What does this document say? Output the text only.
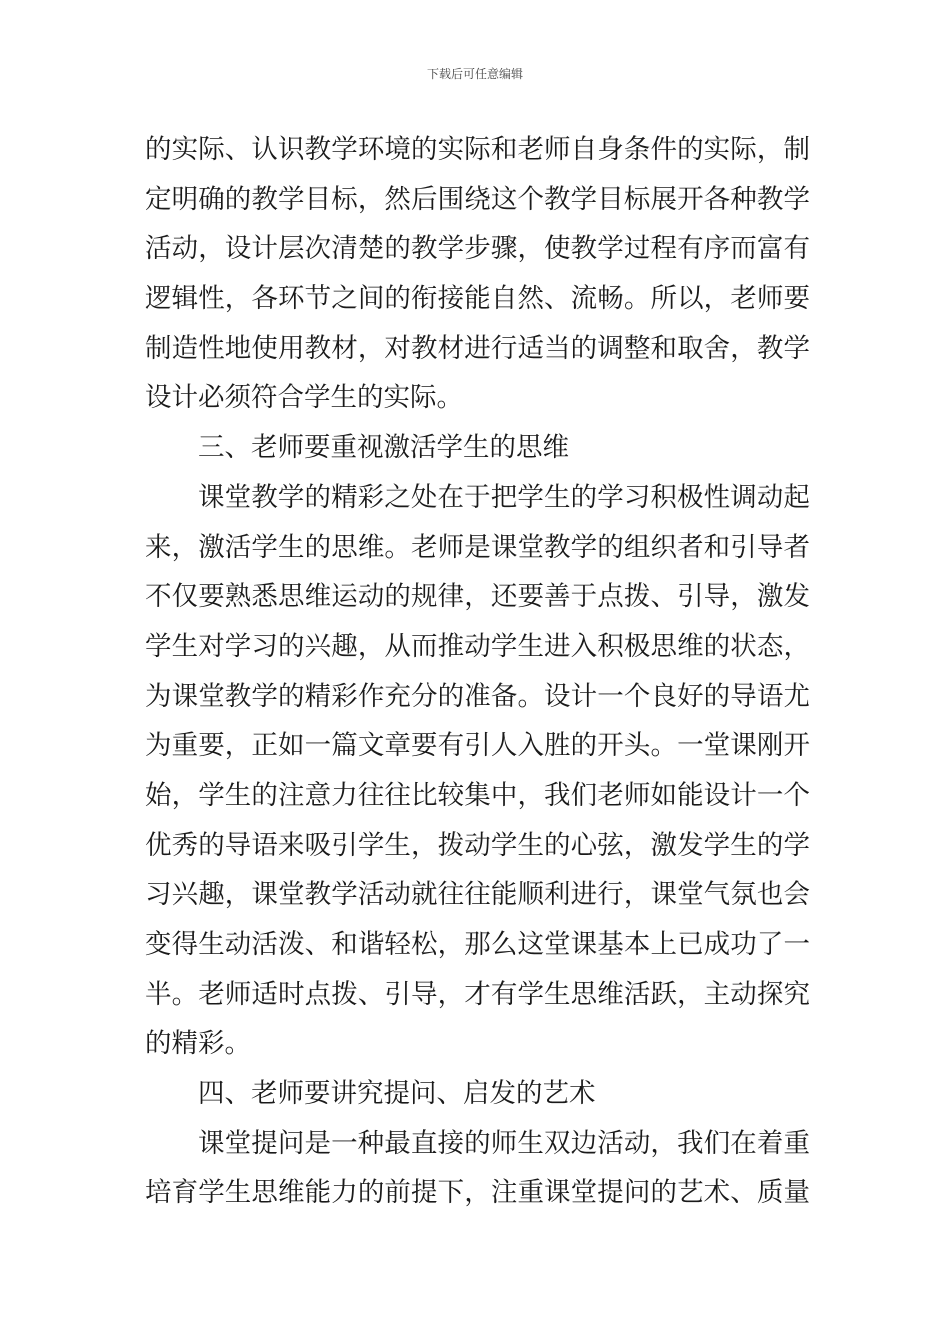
下载后可任意编辑
的实际、认识教学环境的实际和老师自身条件的实际，制
定明确的教学目标，然后围绕这个教学目标展开各种教学
活动，设计层次清楚的教学步骤，使教学过程有序而富有
逻辑性，各环节之间的衔接能自然、流畅。所以，老师要
制造性地使用教材，对教材进行适当的调整和取舍，教学
设计必须符合学生的实际。
三、老师要重视激活学生的思维
课堂教学的精彩之处在于把学生的学习积极性调动起
来，激活学生的思维。老师是课堂教学的组织者和引导者
不仅要熟悉思维运动的规律，还要善于点拨、引导，激发
学生对学习的兴趣，从而推动学生进入积极思维的状态，
为课堂教学的精彩作充分的准备。设计一个良好的导语尤
为重要，正如一篇文章要有引人入胜的开头。一堂课刚开
始，学生的注意力往往比较集中，我们老师如能设计一个
优秀的导语来吸引学生，拨动学生的心弦，激发学生的学
习兴趣，课堂教学活动就往往能顺利进行，课堂气氛也会
变得生动活泼、和谐轻松，那么这堂课基本上已成功了一
半。老师适时点拨、引导，才有学生思维活跃，主动探究
的精彩。
四、老师要讲究提问、启发的艺术
课堂提问是一种最直接的师生双边活动，我们在着重
培育学生思维能力的前提下，注重课堂提问的艺术、质量
